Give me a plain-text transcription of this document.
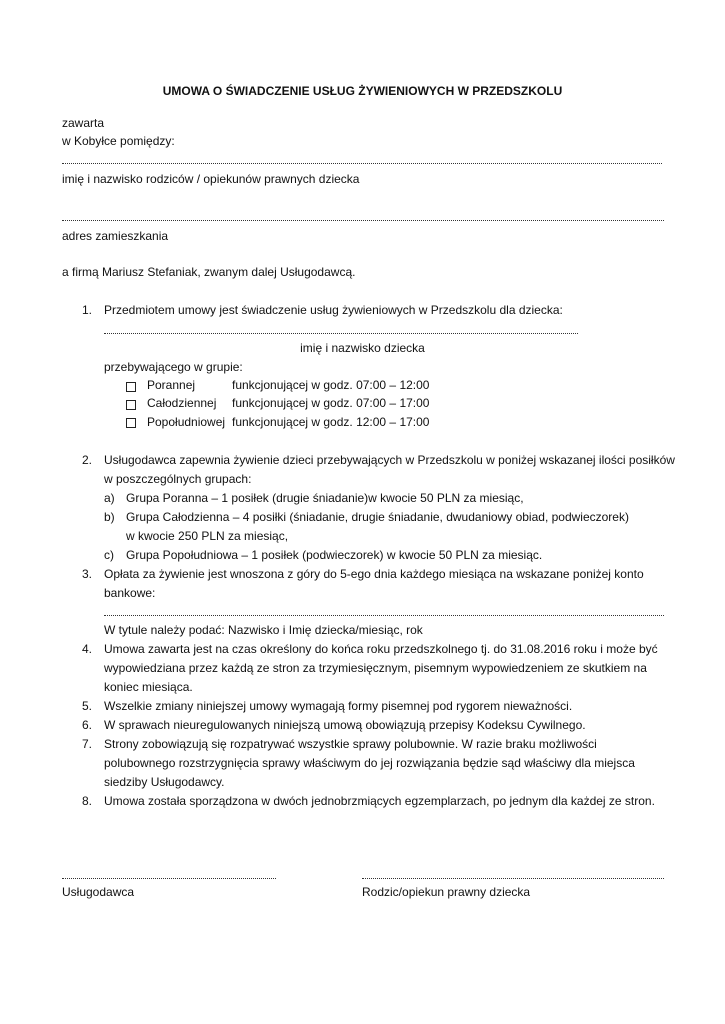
UMOWA O ŚWIADCZENIE USŁUG ŻYWIENIOWYCH W PRZEDSZKOLU
zawarta
w Kobyłce pomiędzy:
imię i nazwisko rodziców / opiekunów prawnych dziecka
adres zamieszkania
a firmą Mariusz Stefaniak, zwanym dalej Usługodawcą.
1. Przedmiotem umowy jest świadczenie usług żywieniowych w Przedszkolu dla dziecka:
imię i nazwisko dziecka
przebywającego w grupie:
Porannej	funkcjonującej w godz. 07:00 – 12:00
Całodziennej funkcjonującej w godz. 07:00 – 17:00
Popołudniowej funkcjonującej w godz. 12:00 – 17:00
2. Usługodawca zapewnia żywienie dzieci przebywających w Przedszkolu w poniżej wskazanej ilości posiłków
w poszczególnych grupach:
a) Grupa Poranna – 1 posiłek (drugie śniadanie)w kwocie 50 PLN za miesiąc,
b) Grupa Całodzienna – 4 posiłki (śniadanie, drugie śniadanie, dwudaniowy obiad, podwieczorek)
w kwocie 250 PLN za miesiąc,
c) Grupa Popołudniowa – 1 posiłek (podwieczorek) w kwocie 50 PLN za miesiąc.
3. Opłata za żywienie jest wnoszona z góry do 5-ego dnia każdego miesiąca na wskazane poniżej konto
bankowe:
W tytule należy podać: Nazwisko i Imię dziecka/miesiąc, rok
4. Umowa zawarta jest na czas określony do końca roku przedszkolnego tj. do 31.08.2016 roku i może być
wypowiedziana przez każdą ze stron za trzymiesięcznym, pisemnym wypowiedzeniem ze skutkiem na
koniec miesiąca.
5. Wszelkie zmiany niniejszej umowy wymagają formy pisemnej pod rygorem nieważności.
6. W sprawach nieuregulowanych niniejszą umową obowiązują przepisy Kodeksu Cywilnego.
7. Strony zobowiązują się rozpatrywać wszystkie sprawy polubownie. W razie braku możliwości
polubownego rozstrzygnięcia sprawy właściwym do jej rozwiązania będzie sąd właściwy dla miejsca
siedziby Usługodawcy.
8. Umowa została sporządzona w dwóch jednobrzmiących egzemplarzach, po jednym dla każdej ze stron.
Usługodawca	Rodzic/opiekun prawny dziecka
